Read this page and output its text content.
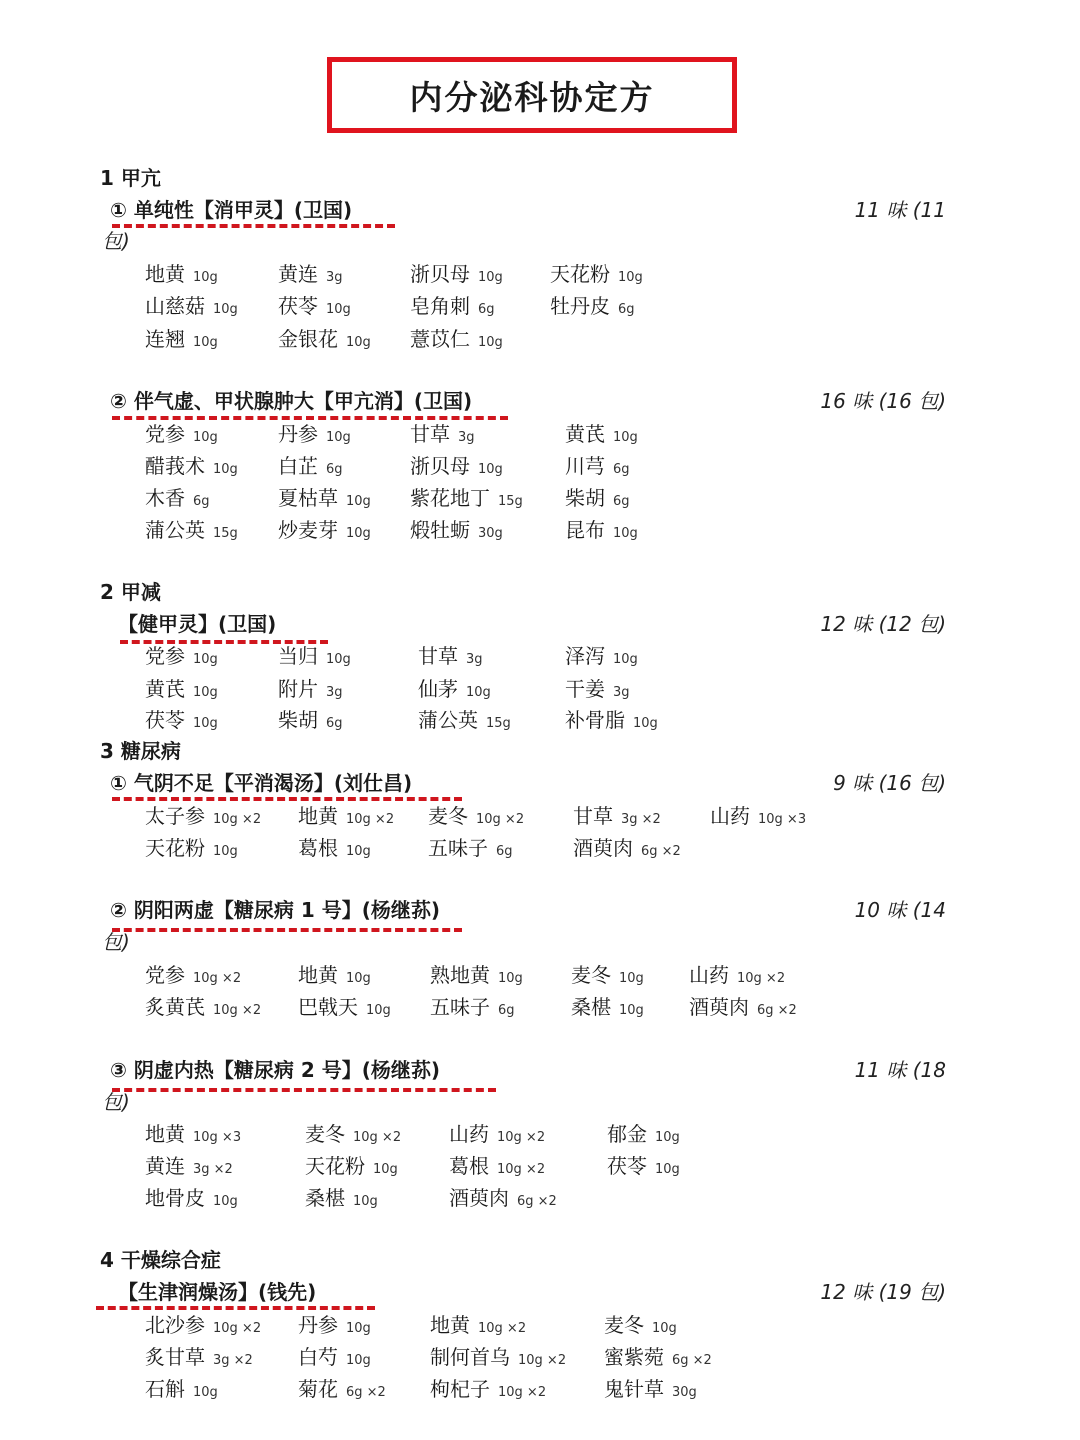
内分泌科协定方
1 甲亢
① 单纯性【消甲灵】(卫国)	11 味 (11
包)
地黄 10g	黄连 3g	浙贝母 10g 天花粉 10g
山慈菇 10g 茯苓 10g	皂角刺 6g	牡丹皮 6g
连翘 10g	金银花 10g 薏苡仁 10g
② 伴气虚、甲状腺肿大【甲亢消】(卫国)	16 味 (16 包)
党参 10g	丹参 10g	甘草 3g	黄芪 10g
醋莪术 10g 白芷 6g	浙贝母 10g	川芎 6g
木香 6g	夏枯草 10g 紫花地丁 15g 柴胡 6g
蒲公英 15g 炒麦芽 10g 煅牡蛎 30g	昆布 10g
2 甲减
【健甲灵】(卫国)	12 味 (12 包)
党参 10g	当归 10g	甘草 3g	泽泻 10g
黄芪 10g	附片 3g	仙茅 10g	干姜 3g
茯苓 10g	柴胡 6g	蒲公英 15g	补骨脂 10g
3 糖尿病
① 气阴不足【平消渴汤】(刘仕昌)	9 味 (16 包)
太子参 10g ×2 地黄 10g ×2 麦冬 10g ×2 甘草 3g ×2 山药 10g ×3
天花粉 10g	葛根 10g	五味子 6g	酒萸肉 6g ×2
② 阴阳两虚【糖尿病 1 号】(杨继荪)	10 味 (14
包)
党参 10g ×2	地黄 10g	熟地黄 10g 麦冬 10g 山药 10g ×2
炙黄芪 10g ×2 巴戟天 10g 五味子 6g	桑椹 10g 酒萸肉 6g ×2
③ 阴虚内热【糖尿病 2 号】(杨继荪)	11 味 (18
包)
地黄 10g ×3	麦冬 10g ×2 山药 10g ×2	郁金 10g
黄连 3g ×2	天花粉 10g	葛根 10g ×2	茯苓 10g
地骨皮 10g	桑椹 10g	酒萸肉 6g ×2
4 干燥综合症
【生津润燥汤】(钱先)	12 味 (19 包)
北沙参 10g ×2 丹参 10g	地黄 10g ×2	麦冬 10g
炙甘草 3g ×2 白芍 10g	制何首乌 10g ×2 蜜紫菀 6g ×2
石斛 10g	菊花 6g ×2 枸杞子 10g ×2	鬼针草 30g
